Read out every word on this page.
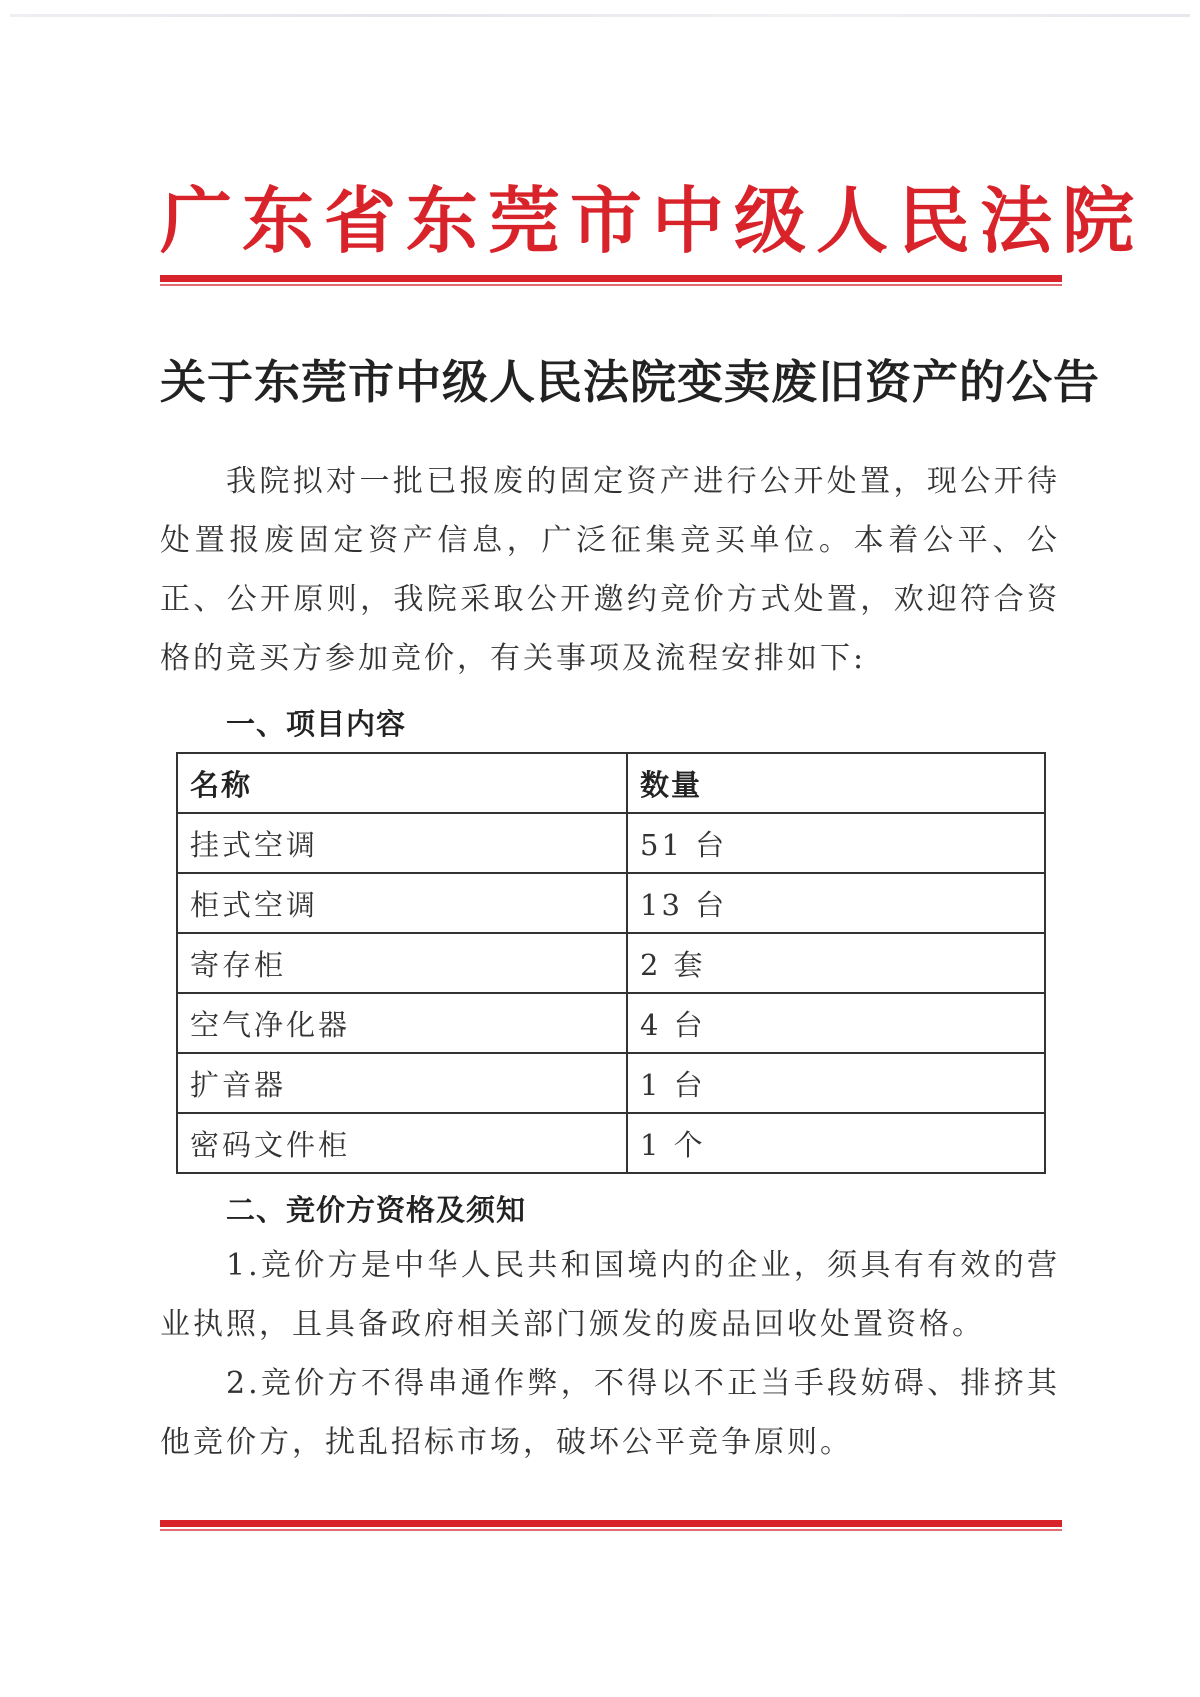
广东省东莞市中级人民法院
关于东莞市中级人民法院变卖废旧资产的公告

我院拟对一批已报废的固定资产进行公开处置，现公开待处置报废固定资产信息，广泛征集竞买单位。本着公平、公正、公开原则，我院采取公开邀约竞价方式处置，欢迎符合资格的竞买方参加竞价，有关事项及流程安排如下:

一、项目内容
名称	数量
挂式空调	51 台
柜式空调	13 台
寄存柜	2 套
空气净化器	4 台
扩音器	1 台
密码文件柜	1 个
二、竞价方资格及须知

1.竞价方是中华人民共和国境内的企业，须具有有效的营业执照，且具备政府相关部门颁发的废品回收处置资格。

2.竞价方不得串通作弊，不得以不正当手段妨碍、排挤其他竞价方，扰乱招标市场，破坏公平竞争原则。
